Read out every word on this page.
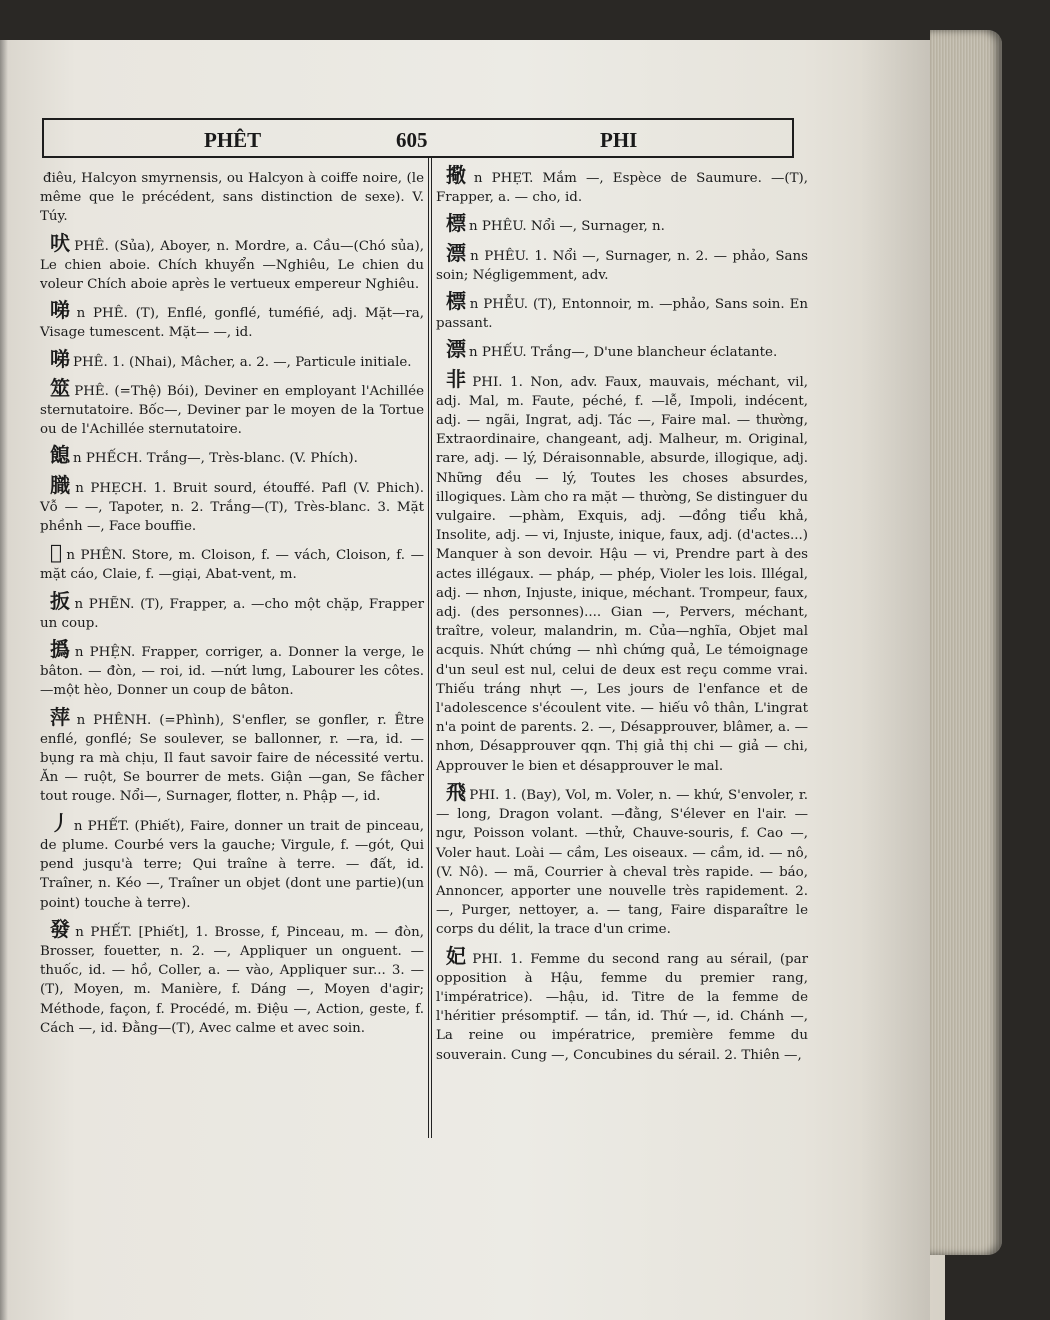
PHÊT	605	PHI

điêu, Halcyon smyrnensis, ou Halcyon à coiffe noire, (le même que le précédent, sans distinction de sexe). V. Túy.

吠 PHÊ. (Sủa), Aboyer, n. Mordre, a. Cầu—(Chó sủa), Le chien aboie. Chích khuyển —Nghiêu, Le chien du voleur Chích aboie après le vertueux empereur Nghiêu.

㖒 n PHÊ. (T), Enflé, gonflé, tuméfié, adj. Mặt—ra, Visage tumescent. Mặt— —, id.

㖒 PHÊ. 1. (Nhai), Mâcher, a. 2. —, Particule initiale.

筮 PHÊ. (=Thệ) Bói), Deviner en employant l'Achillée sternutatoire. Bốc—, Deviner par le moyen de la Tortue ou de l'Achillée sternutatoire.

䭒 n PHẾCH. Trắng—, Très-blanc. (V. Phích).

膱 n PHẸCH. 1. Bruit sourd, étouffé. Pafl (V. Phich). Vỗ — —, Tapoter, n. 2. Trắng—(T), Très-blanc. 3. Mặt phềnh —, Face bouffie.

𢷀 n PHÊN. Store, m. Cloison, f. — vách, Cloison, f. —mặt cáo, Claie, f. —giại, Abat-vent, m.

扳 n PHẼN. (T), Frapper, a. —cho một chặp, Frapper un coup.

撝 n PHỆN. Frapper, corriger, a. Donner la verge, le bâton. — đòn, — roi, id. —nứt lưng, Labourer les côtes. —một hèo, Donner un coup de bâton.

萍 n PHÊNH. (=Phình), S'enfler, se gonfler, r. Être enflé, gonflé; Se soulever, se ballonner, r. —ra, id. — bụng ra mà chịu, Il faut savoir faire de nécessité vertu. Ăn — ruột, Se bourrer de mets. Giận —gan, Se fâcher tout rouge. Nổi—, Surnager, flotter, n. Phập —, id.

丿 n PHẾT. (Phiết), Faire, donner un trait de pinceau, de plume. Courbé vers la gauche; Virgule, f. —gót, Qui pend jusqu'à terre; Qui traîne à terre. — đất, id. Traîner, n. Kéo —, Traîner un objet (dont une partie)(un point) touche à terre).

發 n PHẾT. [Phiết], 1. Brosse, f, Pinceau, m. — đòn, Brosser, fouetter, n. 2. —, Appliquer un onguent. — thuốc, id. — hồ, Coller, a. — vào, Appliquer sur... 3. —(T), Moyen, m. Manière, f. Dáng —, Moyen d'agir; Méthode, façon, f. Procédé, m. Điệu —, Action, geste, f. Cách —, id. Đằng—(T), Avec calme et avec soin.

擏 n PHẸT. Mắm —, Espèce de Saumure. —(T), Frapper, a. — cho, id.

標 n PHÊU. Nổi —, Surnager, n.

漂 n PHÊU. 1. Nổi —, Surnager, n. 2. — phảo, Sans soin; Négligemment, adv.

標 n PHỄU. (T), Entonnoir, m. —phảo, Sans soin. En passant.

漂 n PHẾU. Trắng—, D'une blancheur éclatante.

非 PHI. 1. Non, adv. Faux, mauvais, méchant, vil, adj. Mal, m. Faute, péché, f. —lễ, Impoli, indécent, adj. — ngãi, Ingrat, adj. Tác —, Faire mal. — thường, Extraordinaire, changeant, adj. Malheur, m. Original, rare, adj. — lý, Déraisonnable, absurde, illogique, adj. Những đều — lý, Toutes les choses absurdes, illogiques. Làm cho ra mặt — thường, Se distinguer du vulgaire. —phàm, Exquis, adj. —đồng tiểu khả, Insolite, adj. — vi, Injuste, inique, faux, adj. (d'actes...) Manquer à son devoir. Hậu — vi, Prendre part à des actes illégaux. — pháp, — phép, Violer les lois. Illégal, adj. — nhơn, Injuste, inique, méchant. Trompeur, faux, adj. (des personnes).... Gian —, Pervers, méchant, traître, voleur, malandrin, m. Của—nghĩa, Objet mal acquis. Nhứt chứng — nhì chứng quả, Le témoignage d'un seul est nul, celui de deux est reçu comme vrai. Thiếu tráng nhựt —, Les jours de l'enfance et de l'adolescence s'écoulent vite. — hiếu vô thân, L'ingrat n'a point de parents. 2. —, Désapprouver, blâmer, a. — nhơn, Désapprouver qqn. Thị giả thị chi — giả — chi, Approuver le bien et désapprouver le mal.

飛 PHI. 1. (Bay), Vol, m. Voler, n. — khứ, S'envoler, r. — long, Dragon volant. —đằng, S'élever en l'air. — ngư, Poisson volant. —thử, Chauve-souris, f. Cao —, Voler haut. Loài — cầm, Les oiseaux. — cầm, id. — nô, (V. Nô). — mã, Courrier à cheval très rapide. — báo, Annoncer, apporter une nouvelle très rapidement. 2.—, Purger, nettoyer, a. — tang, Faire disparaître le corps du délit, la trace d'un crime.

妃 PHI. 1. Femme du second rang au sérail, (par opposition à Hậu, femme du premier rang, l'impératrice). —hậu, id. Titre de la femme de l'héritier présomptif. — tần, id. Thứ —, id. Chánh —, La reine ou impératrice, première femme du souverain. Cung —, Concubines du sérail. 2. Thiên —,
